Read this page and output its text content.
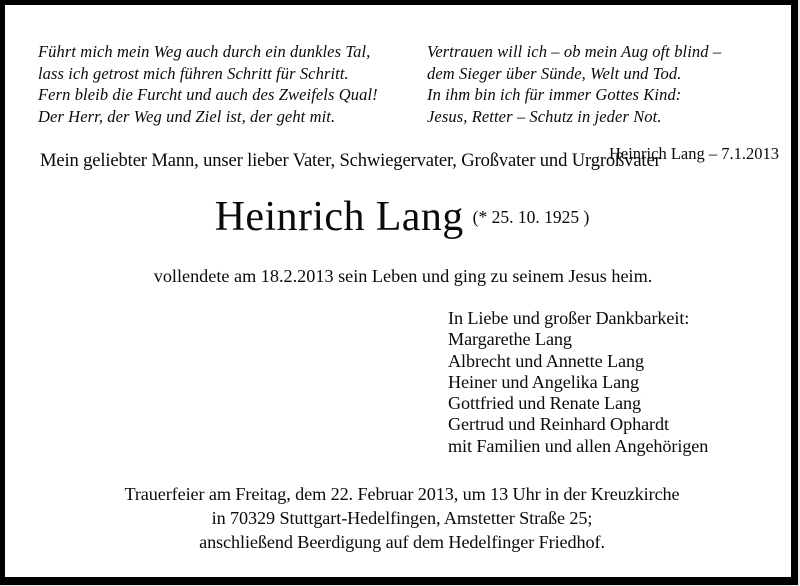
Führt mich mein Weg auch durch ein dunkles Tal,
lass ich getrost mich führen Schritt für Schritt.
Fern bleib die Furcht und auch des Zweifels Qual!
Der Herr, der Weg und Ziel ist, der geht mit.
Vertrauen will ich – ob mein Aug oft blind –
dem Sieger über Sünde, Welt und Tod.
In ihm bin ich für immer Gottes Kind:
Jesus, Retter – Schutz in jeder Not.
Heinrich Lang – 7.1.2013
Mein geliebter Mann, unser lieber Vater, Schwiegervater, Großvater und Urgroßvater
Heinrich Lang (* 25. 10. 1925 )
vollendete am 18.2.2013 sein Leben und ging zu seinem Jesus heim.
In Liebe und großer Dankbarkeit:
Margarethe Lang
Albrecht und Annette Lang
Heiner und Angelika Lang
Gottfried und Renate Lang
Gertrud und Reinhard Ophardt
mit Familien und allen Angehörigen
Trauerfeier am Freitag, dem 22. Februar 2013, um 13 Uhr in der Kreuzkirche
in 70329 Stuttgart-Hedelfingen, Amstetter Straße 25;
anschließend Beerdigung auf dem Hedelfinger Friedhof.
